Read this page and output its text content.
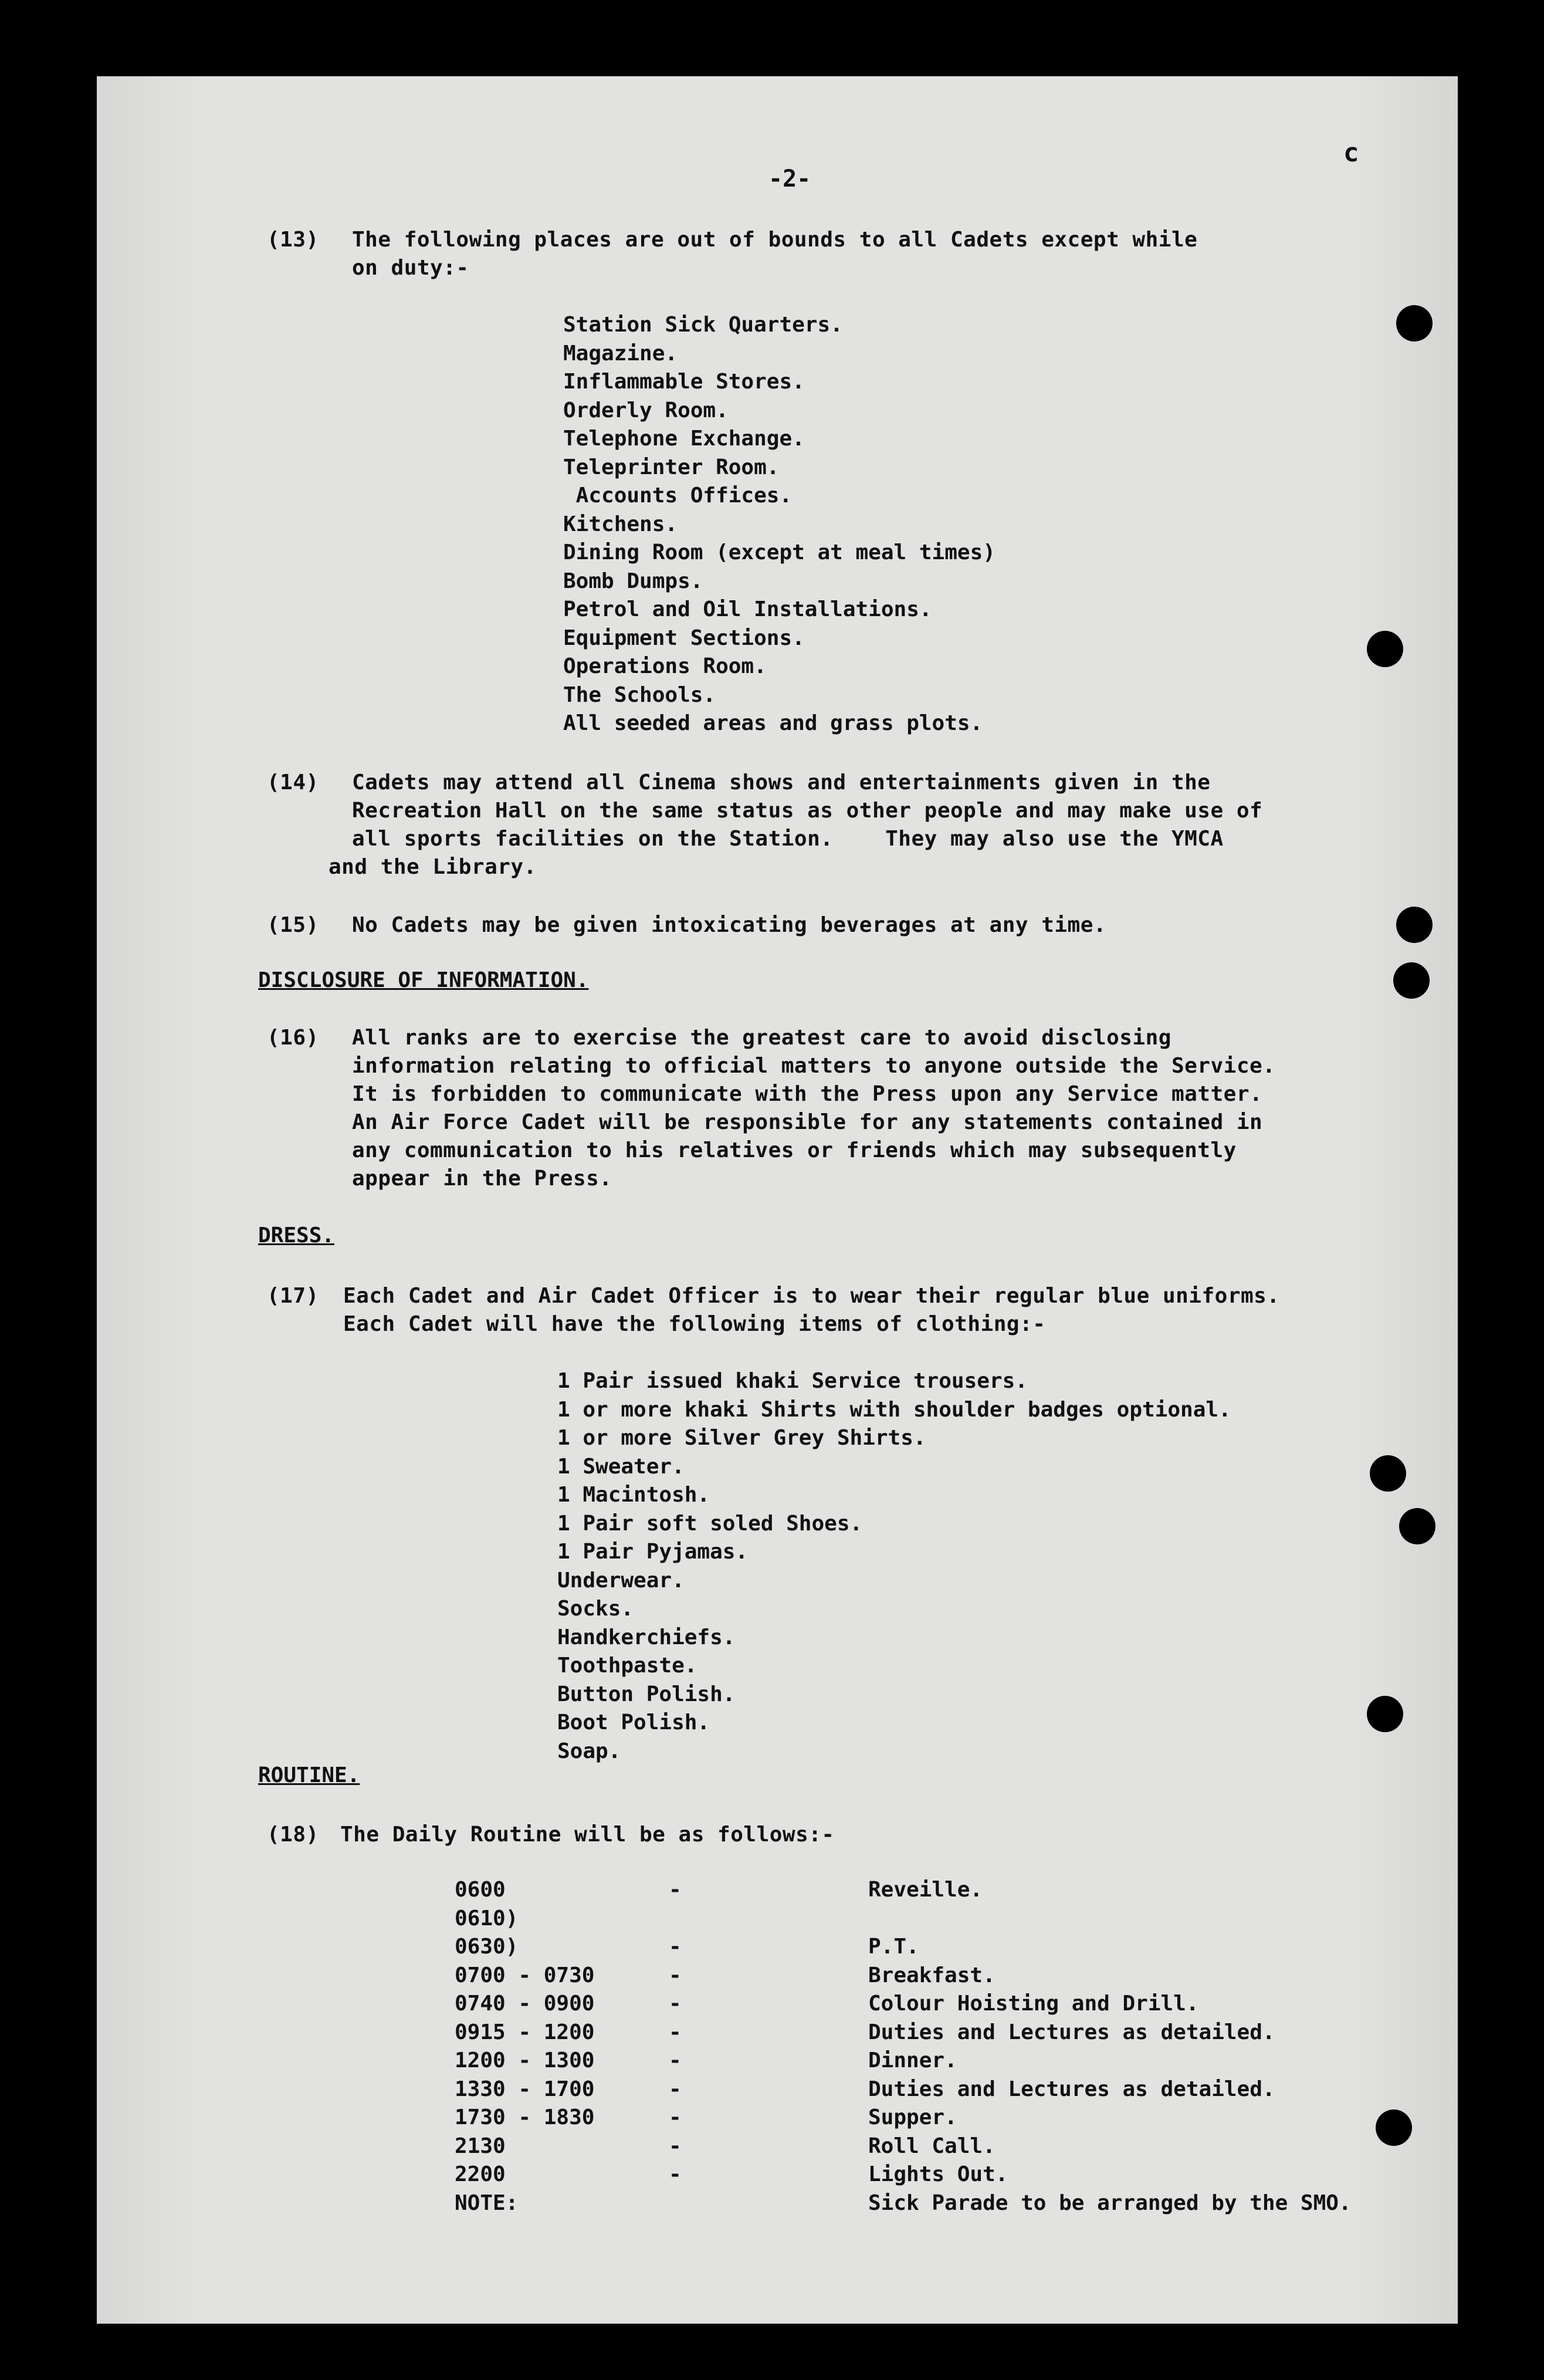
-2-
c
(13) The following places are out of bounds to all Cadets except while
on duty:-
Station Sick Quarters.
Magazine.
Inflammable Stores.
Orderly Room.
Telephone Exchange.
Teleprinter Room.
Accounts Offices.
Kitchens.
Dining Room (except at meal times)
Bomb Dumps.
Petrol and Oil Installations.
Equipment Sections.
Operations Room.
The Schools.
All seeded areas and grass plots.
(14) Cadets may attend all Cinema shows and entertainments given in the
Recreation Hall on the same status as other people and may make use of
all sports facilities on the Station.    They may also use the YMCA
and the Library.
(15) No Cadets may be given intoxicating beverages at any time.
DISCLOSURE OF INFORMATION.
(16) All ranks are to exercise the greatest care to avoid disclosing
information relating to official matters to anyone outside the Service.
It is forbidden to communicate with the Press upon any Service matter.
An Air Force Cadet will be responsible for any statements contained in
any communication to his relatives or friends which may subsequently
appear in the Press.
DRESS.
(17) Each Cadet and Air Cadet Officer is to wear their regular blue uniforms.
Each Cadet will have the following items of clothing:-
1 Pair issued khaki Service trousers.
1 or more khaki Shirts with shoulder badges optional.
1 or more Silver Grey Shirts.
1 Sweater.
1 Macintosh.
1 Pair soft soled Shoes.
1 Pair Pyjamas.
Underwear.
Socks.
Handkerchiefs.
Toothpaste.
Button Polish.
Boot Polish.
Soap.
ROUTINE.
(18) The Daily Routine will be as follows:-
0600	-	Reveille.
0610)
0630)	-	P.T.
0700 - 0730	-	Breakfast.
0740 - 0900	-	Colour Hoisting and Drill.
0915 - 1200	-	Duties and Lectures as detailed.
1200 - 1300	-	Dinner.
1330 - 1700	-	Duties and Lectures as detailed.
1730 - 1830	-	Supper.
2130	-	Roll Call.
2200	-	Lights Out.
NOTE:	Sick Parade to be arranged by the SMO.
